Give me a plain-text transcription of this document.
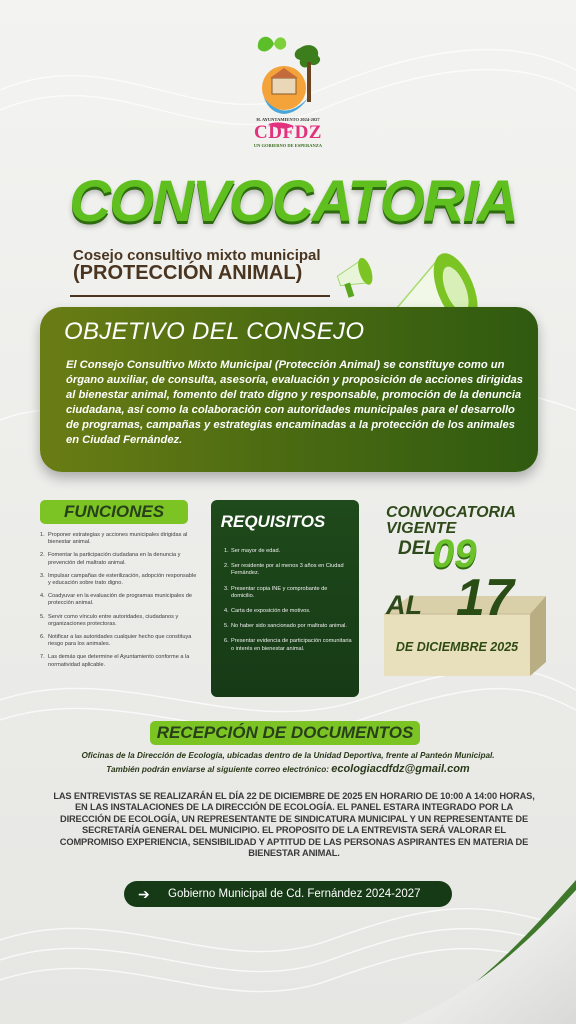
H. AYUNTAMIENTO 2024-2027
CDFDZ
UN GOBIERNO DE ESPERANZA
CONVOCATORIA
Cosejo consultivo mixto municipal
(PROTECCIÓN ANIMAL)
OBJETIVO DEL CONSEJO
El Consejo Consultivo Mixto Municipal (Protección Animal) se constituye como un órgano auxiliar, de consulta, asesoría, evaluación y proposición de acciones dirigidas al bienestar animal, fomento del trato digno y responsable, promoción de la denuncia ciudadana, así como la colaboración con autoridades municipales para el desarrollo de programas, campañas y estrategias encaminadas a la protección de los animales en Ciudad Fernández.
FUNCIONES
1. Proponer estrategias y acciones municipales dirigidas al bienestar animal.
2. Fomentar la participación ciudadana en la denuncia y prevención del maltrato animal.
3. Impulsar campañas de esterilización, adopción responsable y educación sobre trato digno.
4. Coadyuvar en la evaluación de programas municipales de protección animal.
5. Servir como vínculo entre autoridades, ciudadanos y organizaciones protectoras.
6. Notificar a las autoridades cualquier hecho que constituya riesgo para los animales.
7. Las demás que determine el Ayuntamiento conforme a la normatividad aplicable.
REQUISITOS
1. Ser mayor de edad.
2. Ser residente por al menos 3 años en Ciudad Fernández.
3. Presentar copia INE y comprobante de domicilio.
4. Carta de exposición de motivos.
5. No haber sido sancionado por maltrato animal.
6. Presentar evidencia de participación comunitaria o interés en bienestar animal.
CONVOCATORIA
VIGENTE
DEL
09
AL 17
DE DICIEMBRE 2025
RECEPCIÓN DE DOCUMENTOS
Oficinas de la Dirección de Ecología, ubicadas dentro de la Unidad Deportiva, frente al Panteón Municipal.
También podrán enviarse al siguiente correo electrónico: ecologiacdfdz@gmail.com
LAS ENTREVISTAS SE REALIZARÁN EL DÍA 22 DE DICIEMBRE DE 2025 EN HORARIO DE 10:00 A 14:00 HORAS, EN LAS INSTALACIONES DE LA DIRECCIÓN DE ECOLOGÍA. EL PANEL ESTARA INTEGRADO POR LA DIRECCIÓN DE ECOLOGÍA, UN REPRESENTANTE DE SINDICATURA MUNICIPAL Y UN REPRESENTANTE DE SECRETARÍA GENERAL DEL MUNICIPIO. EL PROPOSITO DE LA ENTREVISTA SERÁ VALORAR EL COMPROMISO EXPERIENCIA, SENSIBILIDAD Y APTITUD DE LAS PERSONAS ASPIRANTES EN MATERIA DE BIENESTAR ANIMAL.
➔ Gobierno Municipal de Cd. Fernández 2024-2027
